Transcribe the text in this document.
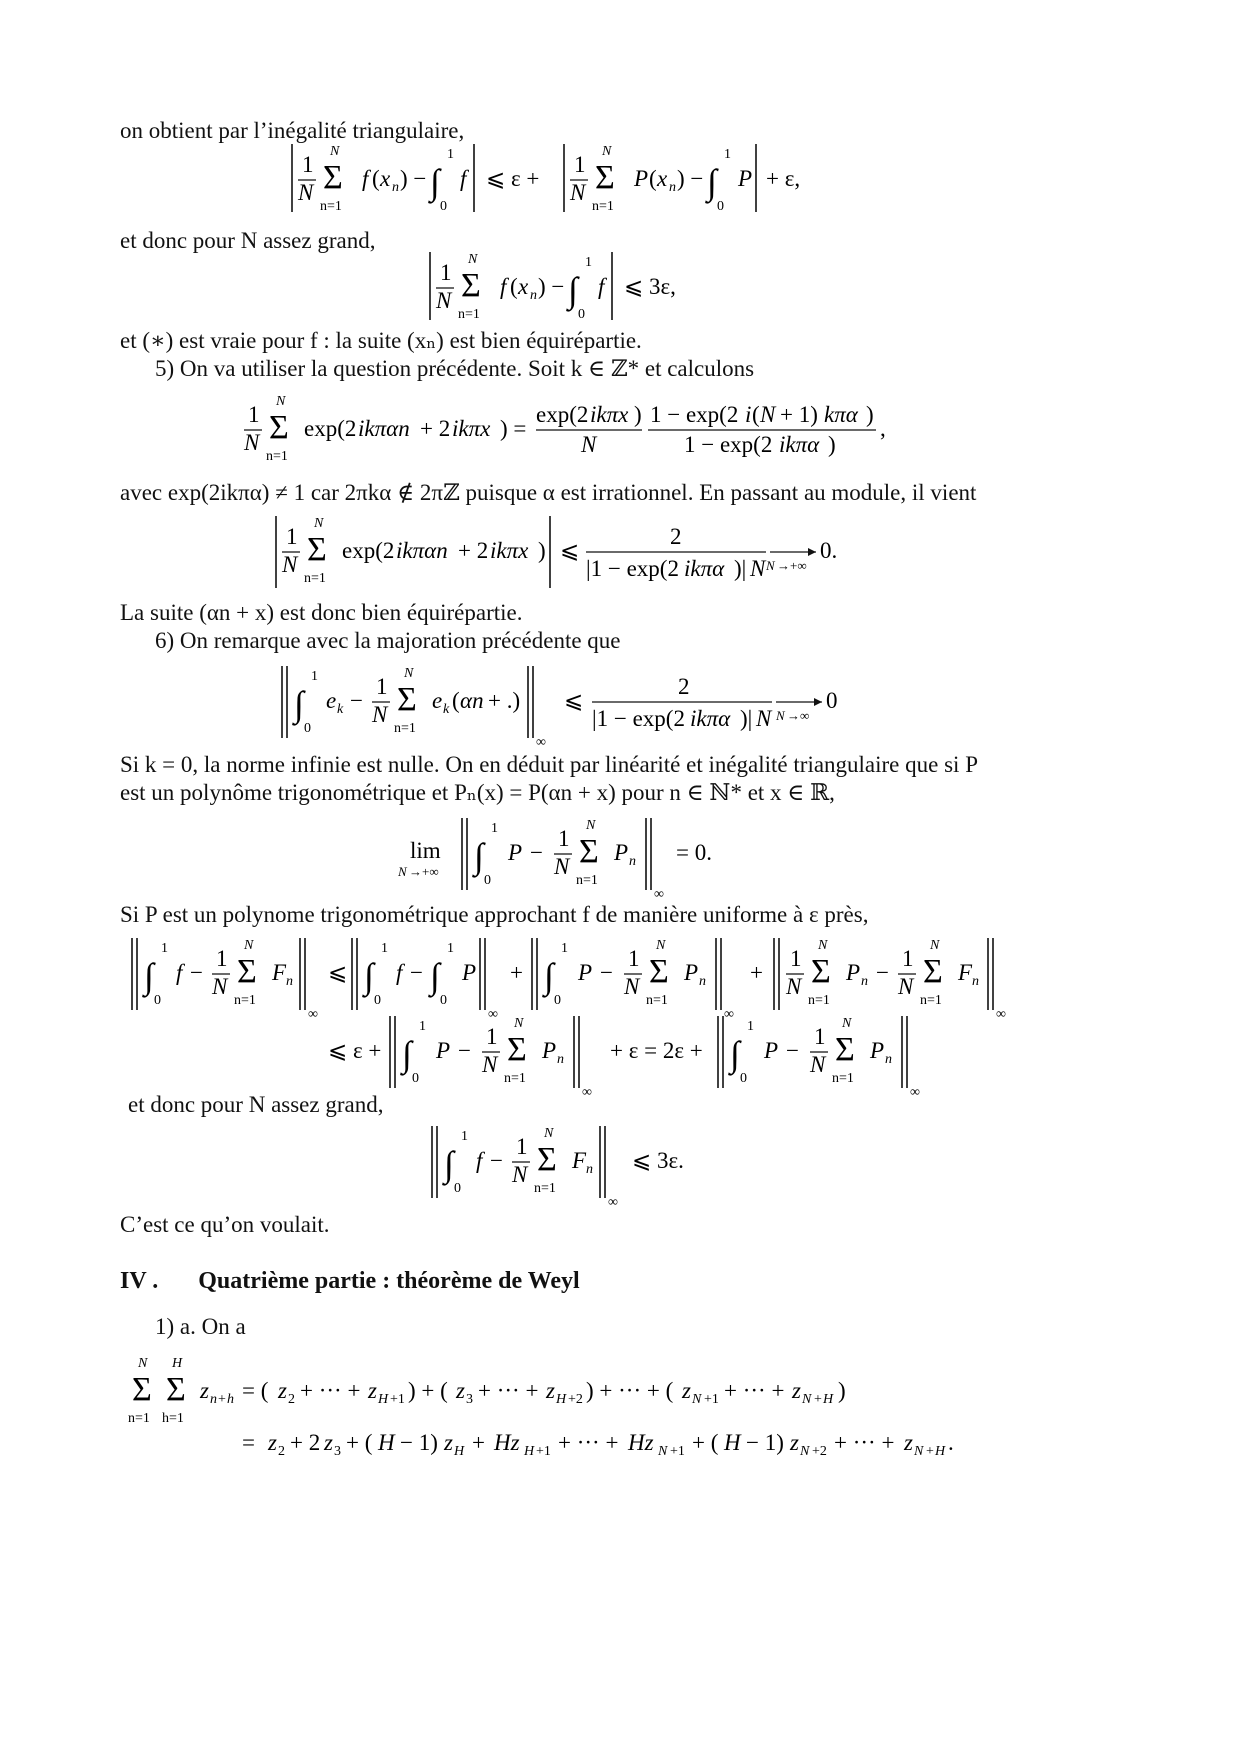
on obtient par l’inégalité triangulaire,
1
N
N
Σ
n=1
f ( x n ) − ∫
1
0
f ⩽ ε +
1
N
N
Σ
n=1
P ( x n ) − ∫
1
0
P + ε,
et donc pour N assez grand,
1
N
N
Σ
n=1
f ( x n ) − ∫
1
0
f ⩽ 3ε,
et (∗) est vraie pour f : la suite (xₙ) est bien équirépartie.
5) On va utiliser la question précédente. Soit k ∈ ℤ* et calculons
1
N
N
Σ
n=1
exp(2 ikπαn + 2 ikπx ) =
exp(2 ikπx )
N
1 − exp(2 i ( N + 1) kπα )
1 − exp(2 ikπα )
,
avec exp(2ikπα) ≠ 1 car 2πkα ∉ 2πℤ puisque α est irrationnel. En passant au module, il vient
1
N
N
Σ
n=1
exp(2 ikπαn + 2 ikπx ) ⩽
2
|1 − exp(2 ikπα )| N N →+∞
0.
La suite (αn + x) est donc bien équirépartie.
6) On remarque avec la majoration précédente que
∫
1
0
e k −
1
N
N
Σ
n=1
e k ( αn + .)
∞
⩽
2
|1 − exp(2 ikπα )| N N →∞
0
Si k = 0, la norme infinie est nulle. On en déduit par linéarité et inégalité triangulaire que si P
est un polynôme trigonométrique et Pₙ(x) = P(αn + x) pour n ∈ ℕ* et x ∈ ℝ,
lim
N →+∞ ∫
1
0
P −
1
N
N
Σ
n=1
P n
∞
= 0.
Si P est un polynome trigonométrique approchant f de manière uniforme à ε près,
∫
1
0
f −
1
N
N
Σ
n=1
F n
∞
⩽ ∫
1
0
f − ∫
1
0
P
∞
+ ∫
1
0
P −
1
N
N
Σ
n=1
P n
∞
+
1
N
N
Σ
n=1
P n −
1
N
N
Σ
n=1
F n
∞
⩽ ε + ∫
1
0
P −
1
N
N
Σ
n=1
P n
∞
+ ε = 2ε + ∫
1
0
P −
1
N
N
Σ
n=1
P n
∞
et donc pour N assez grand,
∫
1
0
f −
1
N
N
Σ
n=1
F n
∞
⩽ 3ε.
C’est ce qu’on voulait.
IV . Quatrième partie : théorème de Weyl
1) a. On a
N
Σ
n=1
H
Σ
h=1
z n + h = ( z 2 + ··· + z H +1 ) + ( z 3 + ··· + z H +2 ) + ··· + ( z N +1 + ··· + z N + H )
= z 2 + 2 z 3 + ( H − 1) z H + Hz H +1 + ··· + Hz N +1 + ( H − 1) z N +2 + ··· + z N + H .
